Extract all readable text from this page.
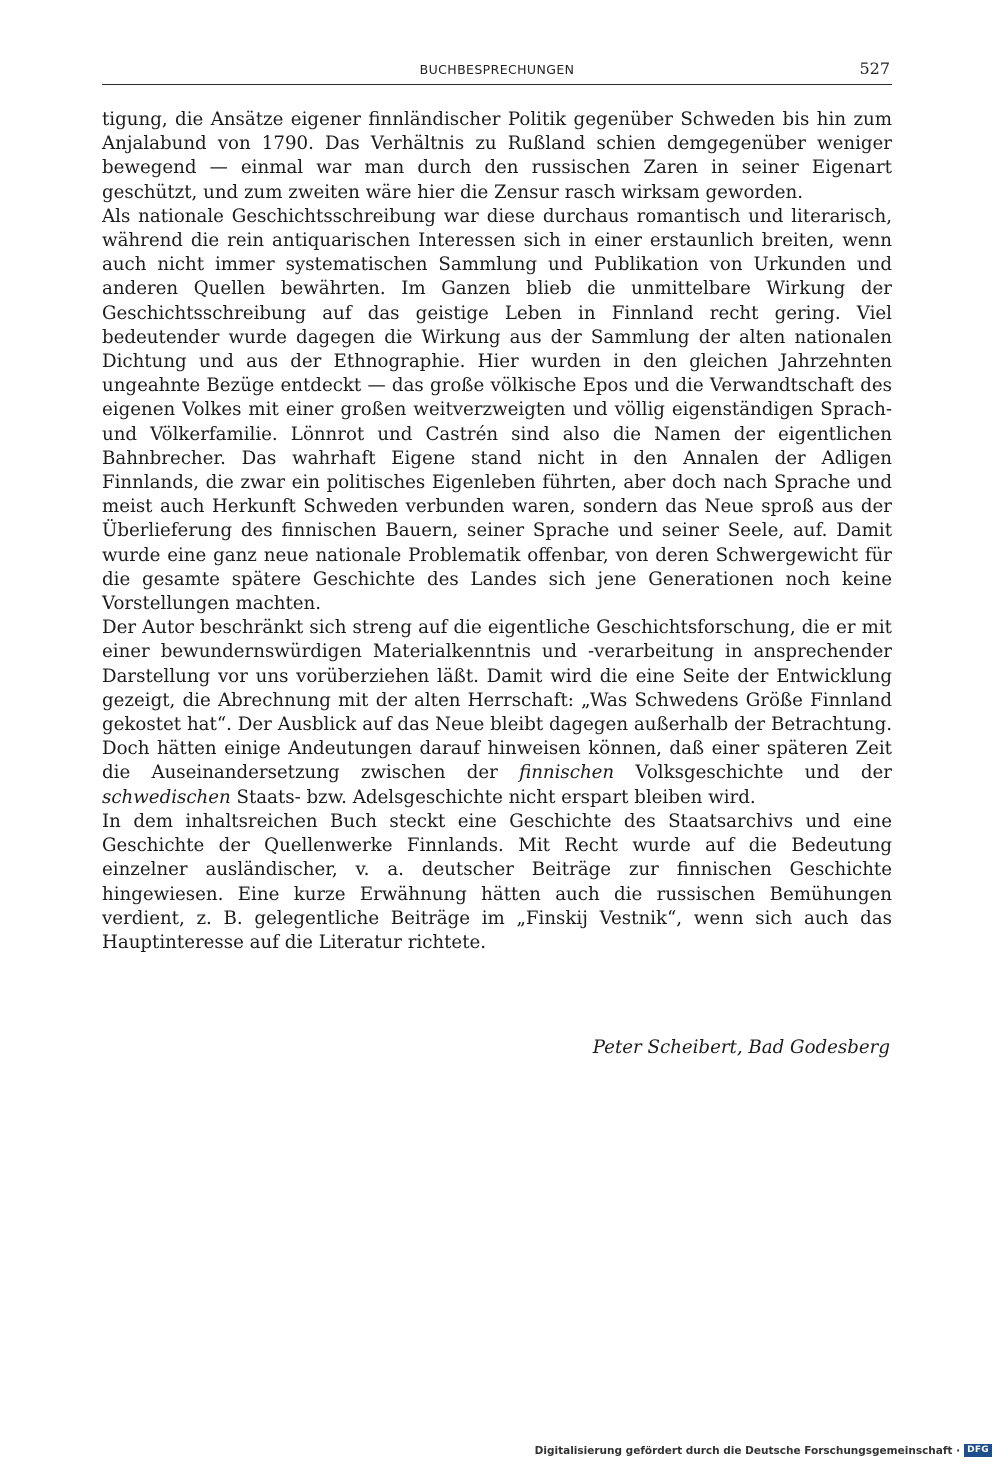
BUCHBESPRECHUNGEN	527

tigung, die Ansätze eigener finnländischer Politik gegenüber Schweden bis hin zum Anjalabund von 1790. Das Verhältnis zu Rußland schien demgegenüber weniger bewegend — einmal war man durch den russischen Zaren in seiner Eigenart geschützt, und zum zweiten wäre hier die Zensur rasch wirksam geworden.

Als nationale Geschichtsschreibung war diese durchaus romantisch und literarisch, während die rein antiquarischen Interessen sich in einer erstaunlich breiten, wenn auch nicht immer systematischen Sammlung und Publikation von Urkunden und anderen Quellen bewährten. Im Ganzen blieb die unmittelbare Wirkung der Geschichtsschreibung auf das geistige Leben in Finnland recht gering. Viel bedeutender wurde dagegen die Wirkung aus der Sammlung der alten nationalen Dichtung und aus der Ethnographie. Hier wurden in den gleichen Jahrzehnten ungeahnte Bezüge entdeckt — das große völkische Epos und die Verwandtschaft des eigenen Volkes mit einer großen weitverzweigten und völlig eigenständigen Sprach- und Völkerfamilie. Lönnrot und Castrén sind also die Namen der eigentlichen Bahnbrecher. Das wahrhaft Eigene stand nicht in den Annalen der Adligen Finnlands, die zwar ein politisches Eigenleben führten, aber doch nach Sprache und meist auch Herkunft Schweden verbunden waren, sondern das Neue sproß aus der Überlieferung des finnischen Bauern, seiner Sprache und seiner Seele, auf. Damit wurde eine ganz neue nationale Problematik offenbar, von deren Schwergewicht für die gesamte spätere Geschichte des Landes sich jene Generationen noch keine Vorstellungen machten.

Der Autor beschränkt sich streng auf die eigentliche Geschichtsforschung, die er mit einer bewundernswürdigen Materialkenntnis und -verarbeitung in ansprechender Darstellung vor uns vorüberziehen läßt. Damit wird die eine Seite der Entwicklung gezeigt, die Abrechnung mit der alten Herrschaft: „Was Schwedens Größe Finnland gekostet hat“. Der Ausblick auf das Neue bleibt dagegen außerhalb der Betrachtung. Doch hätten einige Andeutungen darauf hinweisen können, daß einer späteren Zeit die Auseinandersetzung zwischen der finnischen Volksgeschichte und der schwedischen Staats- bzw. Adelsgeschichte nicht erspart bleiben wird.

In dem inhaltsreichen Buch steckt eine Geschichte des Staatsarchivs und eine Geschichte der Quellenwerke Finnlands. Mit Recht wurde auf die Bedeutung einzelner ausländischer, v. a. deutscher Beiträge zur finnischen Geschichte hingewiesen. Eine kurze Erwähnung hätten auch die russischen Bemühungen verdient, z. B. gelegentliche Beiträge im „Finskij Vestnik“, wenn sich auch das Hauptinteresse auf die Literatur richtete.

Peter Scheibert, Bad Godesberg
Digitalisierung gefördert durch die Deutsche Forschungsgemeinschaft · DFG
